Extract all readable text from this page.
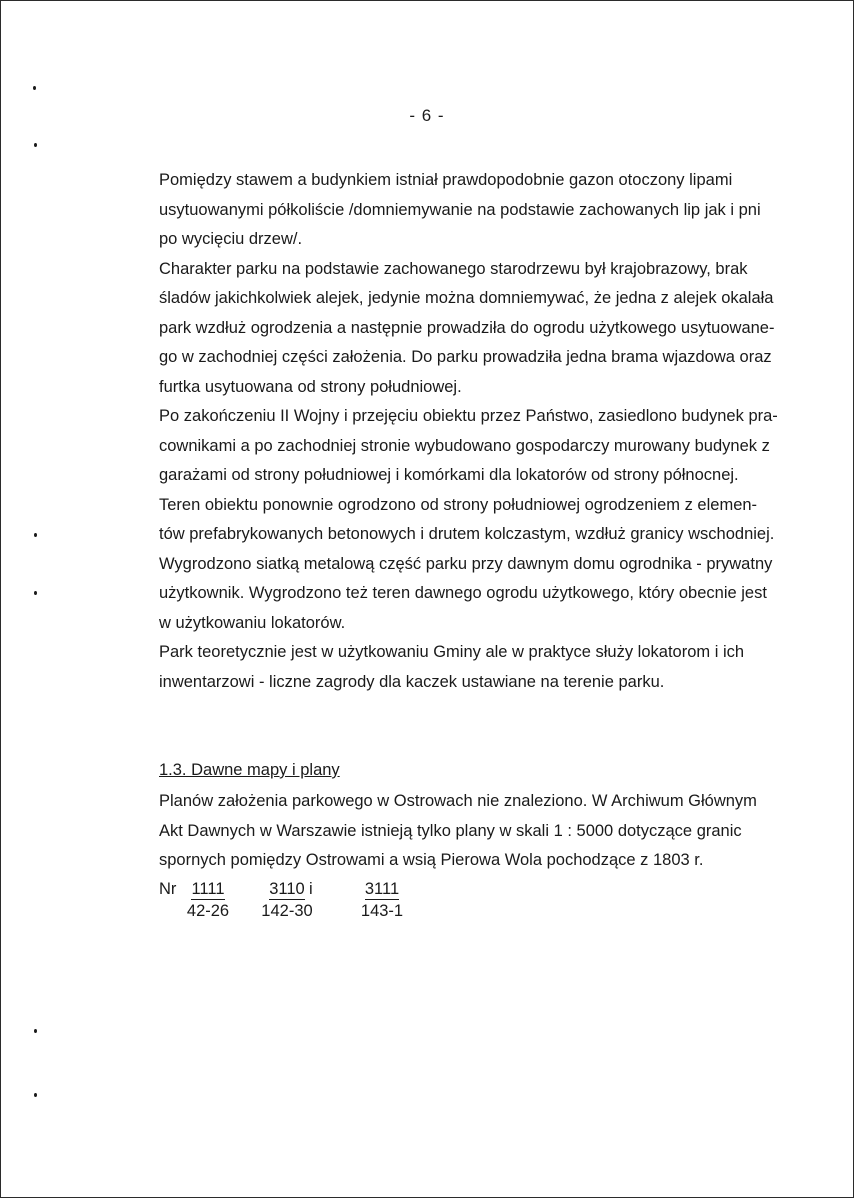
- 6 -
Pomiędzy stawem a budynkiem istniał prawdopodobnie gazon otoczony lipami
usytuowanymi półkoliście /domniemywanie na podstawie zachowanych lip jak i pni
po wycięciu drzew/.
Charakter parku na podstawie zachowanego starodrzewu był krajobrazowy, brak
śladów jakichkolwiek alejek, jedynie można domniemywać, że jedna z alejek okalała
park wzdłuż ogrodzenia a następnie prowadziła do ogrodu użytkowego usytuowane-
go w zachodniej części założenia. Do parku prowadziła jedna brama wjazdowa oraz
furtka usytuowana od strony południowej.
Po zakończeniu II Wojny i przejęciu obiektu przez Państwo, zasiedlono budynek pra-
cownikami a po zachodniej stronie wybudowano gospodarczy murowany budynek z
garażami od strony południowej i komórkami dla lokatorów od strony północnej.
Teren obiektu ponownie ogrodzono od strony południowej ogrodzeniem z elemen-
tów prefabrykowanych betonowych i drutem kolczastym, wzdłuż granicy wschodniej.
Wygrodzono siatką metalową część parku przy dawnym domu ogrodnika - prywatny
użytkownik. Wygrodzono też teren dawnego ogrodu użytkowego, który obecnie jest
w użytkowaniu lokatorów.
Park teoretycznie jest w użytkowaniu Gminy ale w praktyce służy lokatorom i ich
inwentarzowi - liczne zagrody dla kaczek ustawiane na terenie parku.
1.3. Dawne mapy i plany
Planów założenia parkowego w Ostrowach nie znaleziono. W Archiwum Głównym
Akt Dawnych w Warszawie istnieją tylko plany w skali 1 : 5000 dotyczące granic
spornych pomiędzy Ostrowami a wsią Pierowa Wola pochodzące z 1803 r.
Nr $\frac{1111}{42-26} \frac{3110}{142-30}$
i	$\frac{3111}{143-1}$
